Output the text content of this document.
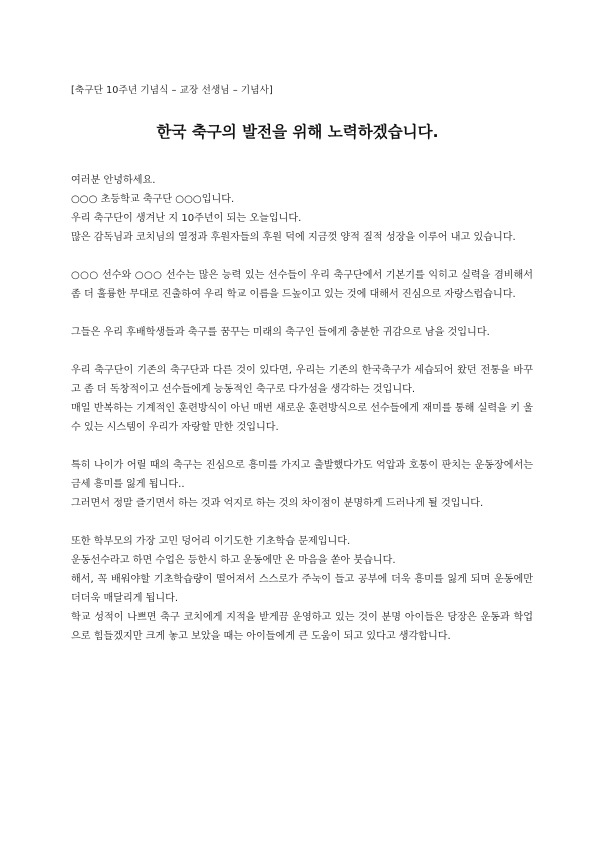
[축구단 10주년 기념식 – 교장 선생님 – 기념사]
한국 축구의 발전을 위해 노력하겠습니다.

여러분 안녕하세요.

○○○ 초등학교 축구단 ○○○입니다.

우리 축구단이 생겨난 지 10주년이 되는 오늘입니다.

많은 감독님과 코치님의 열정과 후원자들의 후원 덕에 지금껏 양적 질적 성장을 이루어 내고 있습니다.

○○○ 선수와 ○○○ 선수는 많은 능력 있는 선수들이 우리 축구단에서 기본기를 익히고 실력을 겸비해서 좀 더 훌륭한 무대로 진출하여 우리 학교 이름을 드높이고 있는 것에 대해서 진심으로 자랑스럽습니다.

그들은 우리 후배학생들과 축구를 꿈꾸는 미래의 축구인 들에게 충분한 귀감으로 남을 것입니다.

우리 축구단이 기존의 축구단과 다른 것이 있다면, 우리는 기존의 한국축구가 세습되어 왔던 전통을 바꾸고 좀 더 독창적이고 선수들에게 능동적인 축구로 다가섬을 생각하는 것입니다.

매일 반복하는 기계적인 훈련방식이 아닌 매번 새로운 훈련방식으로 선수들에게 재미를 통해 실력을 키 울 수 있는 시스템이 우리가 자랑할 만한 것입니다.

특히 나이가 어릴 때의 축구는 진심으로 흥미를 가지고 출발했다가도 억압과 호통이 판치는 운동장에서는 금세 흥미를 잃게 됩니다..

그러면서 정말 즐기면서 하는 것과 억지로 하는 것의 차이점이 분명하게 드러나게 될 것입니다.

또한 학부모의 가장 고민 덩어리 이기도한 기초학습 문제입니다.

운동선수라고 하면 수업은 등한시 하고 운동에만 온 마음을 쏟아 붓습니다.

해서, 꼭 배워야할 기초학습량이 떨어져서 스스로가 주눅이 들고 공부에 더욱 흥미를 잃게 되며 운동에만 더더욱 매달리게 됩니다.

학교 성적이 나쁘면 축구 코치에게 지적을 받게끔 운영하고 있는 것이 분명 아이들은 당장은 운동과 학업으로 힘들겠지만 크게 놓고 보았을 때는 아이들에게 큰 도움이 되고 있다고 생각합니다.
